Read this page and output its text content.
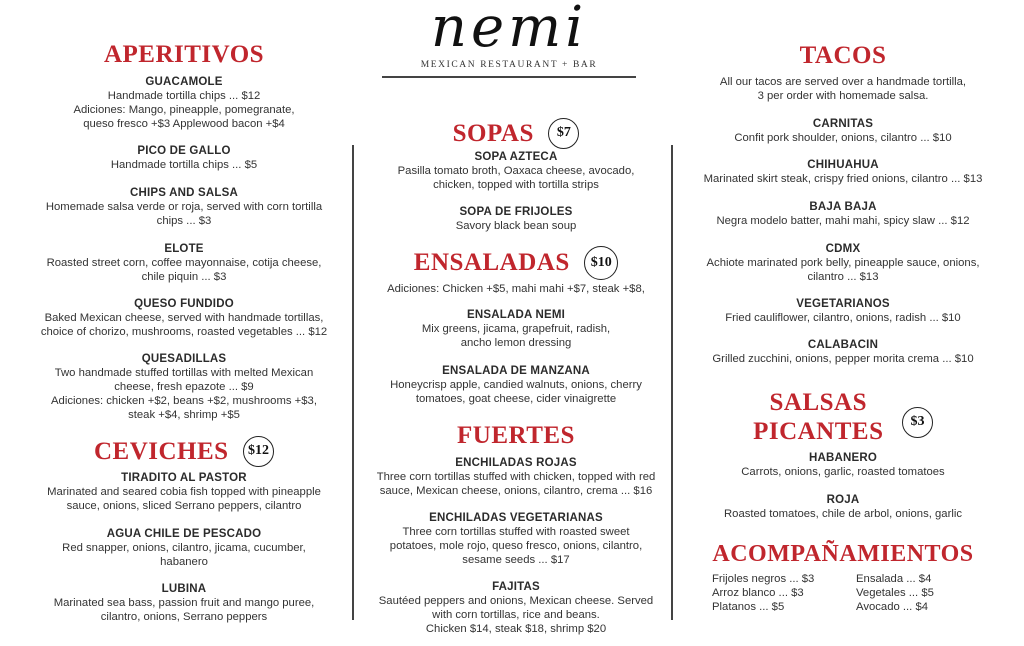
nemi
MEXICAN RESTAURANT + BAR
APERITIVOS
GUACAMOLE
Handmade tortilla chips ... $12
Adiciones: Mango, pineapple, pomegranate,
queso fresco +$3 Applewood bacon +$4
PICO DE GALLO
Handmade tortilla chips ... $5
CHIPS AND SALSA
Homemade salsa verde or roja, served with corn tortilla
chips ... $3
ELOTE
Roasted street corn, coffee mayonnaise, cotija cheese,
chile piquin ... $3
QUESO FUNDIDO
Baked Mexican cheese, served with handmade tortillas,
choice of chorizo, mushrooms, roasted vegetables ... $12
QUESADILLAS
Two handmade stuffed tortillas with melted Mexican
cheese, fresh epazote ... $9
Adiciones: chicken +$2, beans +$2, mushrooms +$3,
steak +$4, shrimp +$5
CEVICHES $12
TIRADITO AL PASTOR
Marinated and seared cobia fish topped with pineapple
sauce, onions, sliced Serrano peppers, cilantro
AGUA CHILE DE PESCADO
Red snapper, onions, cilantro, jicama, cucumber,
habanero
LUBINA
Marinated sea bass, passion fruit and mango puree,
cilantro, onions, Serrano peppers
SOPAS $7
SOPA AZTECA
Pasilla tomato broth, Oaxaca cheese, avocado,
chicken, topped with tortilla strips
SOPA DE FRIJOLES
Savory black bean soup
ENSALADAS $10
Adiciones: Chicken +$5, mahi mahi +$7, steak +$8,
ENSALADA NEMI
Mix greens, jicama, grapefruit, radish,
ancho lemon dressing
ENSALADA DE MANZANA
Honeycrisp apple, candied walnuts, onions, cherry
tomatoes, goat cheese, cider vinaigrette
FUERTES
ENCHILADAS ROJAS
Three corn tortillas stuffed with chicken, topped with red
sauce, Mexican cheese, onions, cilantro, crema ... $16
ENCHILADAS VEGETARIANAS
Three corn tortillas stuffed with roasted sweet
potatoes, mole rojo, queso fresco, onions, cilantro,
sesame seeds ... $17
FAJITAS
Sautéed peppers and onions, Mexican cheese. Served
with corn tortillas, rice and beans.
Chicken $14, steak $18, shrimp $20
TACOS
All our tacos are served over a handmade tortilla,
3 per order with homemade salsa.
CARNITAS
Confit pork shoulder, onions, cilantro ... $10
CHIHUAHUA
Marinated skirt steak, crispy fried onions, cilantro ... $13
BAJA BAJA
Negra modelo batter, mahi mahi, spicy slaw ... $12
CDMX
Achiote marinated pork belly, pineapple sauce, onions,
cilantro ... $13
VEGETARIANOS
Fried cauliflower, cilantro, onions, radish ... $10
CALABACIN
Grilled zucchini, onions, pepper morita crema ... $10
SALSAS
PICANTES $3
HABANERO
Carrots, onions, garlic, roasted tomatoes
ROJA
Roasted tomatoes, chile de arbol, onions, garlic
ACOMPAÑAMIENTOS
Frijoles negros ... $3
Arroz blanco ... $3
Platanos ... $5
Ensalada ... $4
Vegetales ... $5
Avocado ... $4
